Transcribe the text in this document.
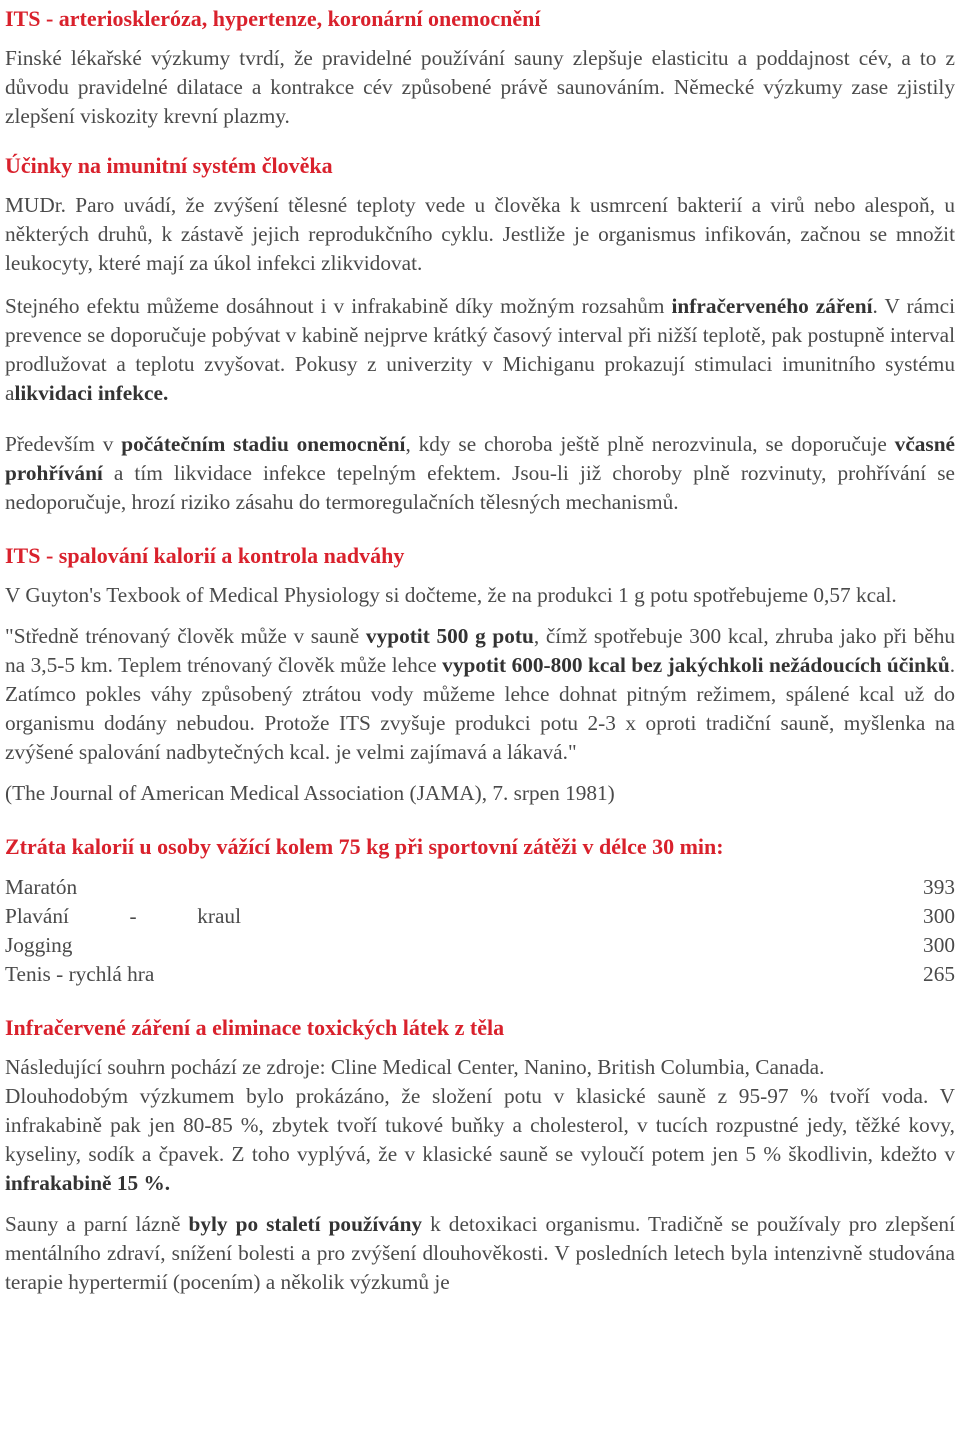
ITS - arterioskleróza, hypertenze, koronární onemocnění

Finské lékařské výzkumy tvrdí, že pravidelné používání sauny zlepšuje elasticitu a poddajnost cév, a to z důvodu pravidelné dilatace a kontrakce cév způsobené právě saunováním. Německé výzkumy zase zjistily zlepšení viskozity krevní plazmy.

Účinky na imunitní systém člověka

MUDr. Paro uvádí, že zvýšení tělesné teploty vede u člověka k usmrcení bakterií a virů nebo alespoň, u některých druhů, k zástavě jejich reprodukčního cyklu. Jestliže je organismus infikován, začnou se množit leukocyty, které mají za úkol infekci zlikvidovat.

Stejného efektu můžeme dosáhnout i v infrakabině díky možným rozsahům infračerveného záření. V rámci prevence se doporučuje pobývat v kabině nejprve krátký časový interval při nižší teplotě, pak postupně interval prodlužovat a teplotu zvyšovat. Pokusy z univerzity v Michiganu prokazují stimulaci imunitního systému alikvidaci infekce.

Především v počátečním stadiu onemocnění, kdy se choroba ještě plně nerozvinula, se doporučuje včasné prohřívání a tím likvidace infekce tepelným efektem. Jsou-li již choroby plně rozvinuty, prohřívání se nedoporučuje, hrozí riziko zásahu do termoregulačních tělesných mechanismů.

ITS - spalování kalorií a kontrola nadváhy

V Guyton's Texbook of Medical Physiology si dočteme, že na produkci 1 g potu spotřebujeme 0,57 kcal.

"Středně trénovaný člověk může v sauně vypotit 500 g potu, čímž spotřebuje 300 kcal, zhruba jako při běhu na 3,5-5 km. Teplem trénovaný člověk může lehce vypotit 600-800 kcal bez jakýchkoli nežádoucích účinků. Zatímco pokles váhy způsobený ztrátou vody můžeme lehce dohnat pitným režimem, spálené kcal už do organismu dodány nebudou. Protože ITS zvyšuje produkci potu 2-3 x oproti tradiční sauně, myšlenka na zvýšené spalování nadbytečných kcal. je velmi zajímavá a lákavá."

(The Journal of American Medical Association (JAMA), 7. srpen 1981)

Ztráta kalorií u osoby vážící kolem 75 kg při sportovní zátěži v délce 30 min:
Maratón	393
Plavání	-	kraul	300
Jogging	300
Tenis - rychlá hra	265
Infračervené záření a eliminace toxických látek z těla

Následující souhrn pochází ze zdroje: Cline Medical Center, Nanino, British Columbia, Canada.

Dlouhodobým výzkumem bylo prokázáno, že složení potu v klasické sauně z 95-97 % tvoří voda. V infrakabině pak jen 80-85 %, zbytek tvoří tukové buňky a cholesterol, v tucích rozpustné jedy, těžké kovy, kyseliny, sodík a čpavek. Z toho vyplývá, že v klasické sauně se vyloučí potem jen 5 % škodlivin, kdežto v infrakabině 15 %.

Sauny a parní lázně byly po staletí používány k detoxikaci organismu. Tradičně se používaly pro zlepšení mentálního zdraví, snížení bolesti a pro zvýšení dlouhověkosti. V posledních letech byla intenzivně studována terapie hypertermií (pocením) a několik výzkumů je
